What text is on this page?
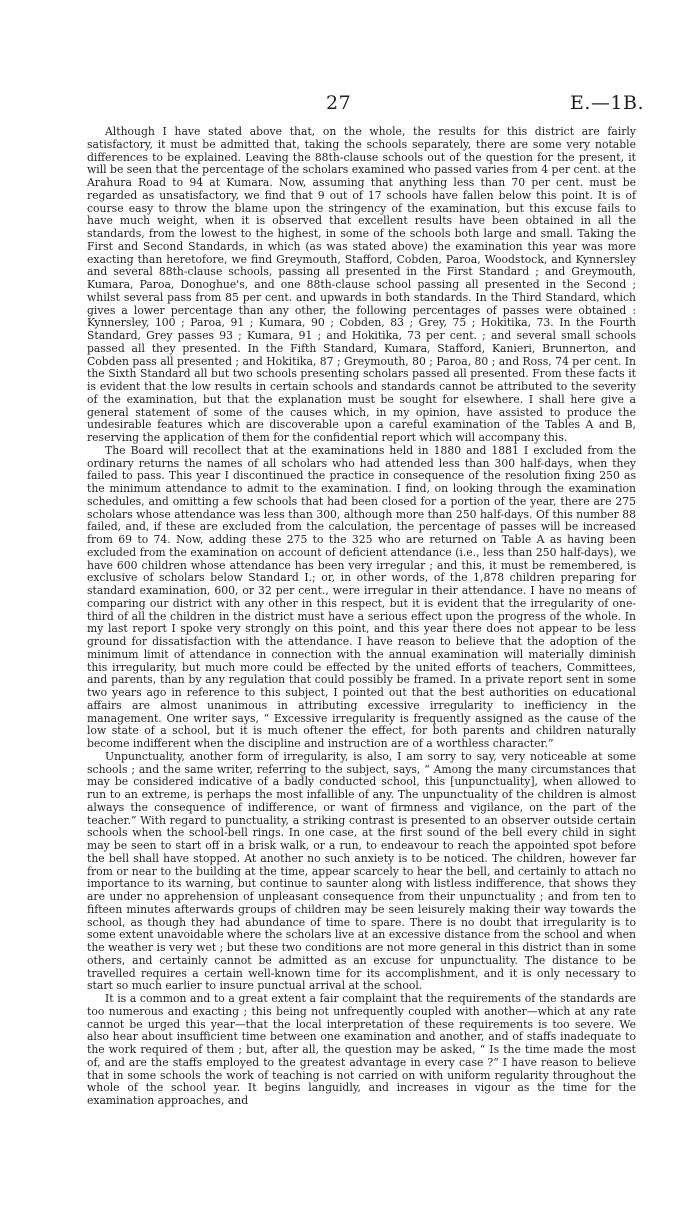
27	E.—1B.

Although I have stated above that, on the whole, the results for this district are fairly satisfactory, it must be admitted that, taking the schools separately, there are some very notable differences to be explained. Leaving the 88th-clause schools out of the question for the present, it will be seen that the percentage of the scholars examined who passed varies from 4 per cent. at the Arahura Road to 94 at Kumara. Now, assuming that anything less than 70 per cent. must be regarded as unsatisfactory, we find that 9 out of 17 schools have fallen below this point. It is of course easy to throw the blame upon the stringency of the examination, but this excuse fails to have much weight, when it is observed that excellent results have been obtained in all the standards, from the lowest to the highest, in some of the schools both large and small. Taking the First and Second Standards, in which (as was stated above) the examination this year was more exacting than heretofore, we find Greymouth, Stafford, Cobden, Paroa, Woodstock, and Kynnersley and several 88th-clause schools, passing all presented in the First Standard ; and Greymouth, Kumara, Paroa, Donoghue's, and one 88th-clause school passing all presented in the Second ; whilst several pass from 85 per cent. and upwards in both standards. In the Third Standard, which gives a lower percentage than any other, the following percentages of passes were obtained : Kynnersley, 100 ; Paroa, 91 ; Kumara, 90 ; Cobden, 83 ; Grey, 75 ; Hokitika, 73. In the Fourth Standard, Grey passes 93 ; Kumara, 91 ; and Hokitika, 73 per cent. ; and several small schools passed all they presented. In the Fifth Standard, Kumara, Stafford, Kanieri, Brunnerton, and Cobden pass all presented ; and Hokitika, 87 ; Greymouth, 80 ; Paroa, 80 ; and Ross, 74 per cent. In the Sixth Standard all but two schools presenting scholars passed all presented. From these facts it is evident that the low results in certain schools and standards cannot be attributed to the severity of the examination, but that the explanation must be sought for elsewhere. I shall here give a general statement of some of the causes which, in my opinion, have assisted to produce the undesirable features which are discoverable upon a careful examination of the Tables A and B, reserving the application of them for the confidential report which will accompany this.

The Board will recollect that at the examinations held in 1880 and 1881 I excluded from the ordinary returns the names of all scholars who had attended less than 300 half-days, when they failed to pass. This year I discontinued the practice in consequence of the resolution fixing 250 as the minimum attendance to admit to the examination. I find, on looking through the examination schedules, and omitting a few schools that had been closed for a portion of the year, there are 275 scholars whose attendance was less than 300, although more than 250 half-days. Of this number 88 failed, and, if these are excluded from the calculation, the percentage of passes will be increased from 69 to 74. Now, adding these 275 to the 325 who are returned on Table A as having been excluded from the examination on account of deficient attendance (i.e., less than 250 half-days), we have 600 children whose attendance has been very irregular ; and this, it must be remembered, is exclusive of scholars below Standard I.; or, in other words, of the 1,878 children preparing for standard examination, 600, or 32 per cent., were irregular in their attendance. I have no means of comparing our district with any other in this respect, but it is evident that the irregularity of one-third of all the children in the district must have a serious effect upon the progress of the whole. In my last report I spoke very strongly on this point, and this year there does not appear to be less ground for dissatisfaction with the attendance. I have reason to believe that the adoption of the minimum limit of attendance in connection with the annual examination will materially diminish this irregularity, but much more could be effected by the united efforts of teachers, Committees, and parents, than by any regulation that could possibly be framed. In a private report sent in some two years ago in reference to this subject, I pointed out that the best authorities on educational affairs are almost unanimous in attributing excessive irregularity to inefficiency in the management. One writer says, “ Excessive irregularity is frequently assigned as the cause of the low state of a school, but it is much oftener the effect, for both parents and children naturally become indifferent when the discipline and instruction are of a worthless character.”

Unpunctuality, another form of irregularity, is also, I am sorry to say, very noticeable at some schools ; and the same writer, referring to the subject, says, “ Among the many circumstances that may be considered indicative of a badly conducted school, this [unpunctuality], when allowed to run to an extreme, is perhaps the most infallible of any. The unpunctuality of the children is almost always the consequence of indifference, or want of firmness and vigilance, on the part of the teacher.” With regard to punctuality, a striking contrast is presented to an observer outside certain schools when the school-bell rings. In one case, at the first sound of the bell every child in sight may be seen to start off in a brisk walk, or a run, to endeavour to reach the appointed spot before the bell shall have stopped. At another no such anxiety is to be noticed. The children, however far from or near to the building at the time, appear scarcely to hear the bell, and certainly to attach no importance to its warning, but continue to saunter along with listless indifference, that shows they are under no apprehension of unpleasant consequence from their unpunctuality ; and from ten to fifteen minutes afterwards groups of children may be seen leisurely making their way towards the school, as though they had abundance of time to spare. There is no doubt that irregularity is to some extent unavoidable where the scholars live at an excessive distance from the school and when the weather is very wet ; but these two conditions are not more general in this district than in some others, and certainly cannot be admitted as an excuse for unpunctuality. The distance to be travelled requires a certain well-known time for its accomplishment, and it is only necessary to start so much earlier to insure punctual arrival at the school.

It is a common and to a great extent a fair complaint that the requirements of the standards are too numerous and exacting ; this being not unfrequently coupled with another—which at any rate cannot be urged this year—that the local interpretation of these requirements is too severe. We also hear about insufficient time between one examination and another, and of staffs inadequate to the work required of them ; but, after all, the question may be asked, “ Is the time made the most of, and are the staffs employed to the greatest advantage in every case ?” I have reason to believe that in some schools the work of teaching is not carried on with uniform regularity throughout the whole of the school year. It begins languidly, and increases in vigour as the time for the examination approaches, and
